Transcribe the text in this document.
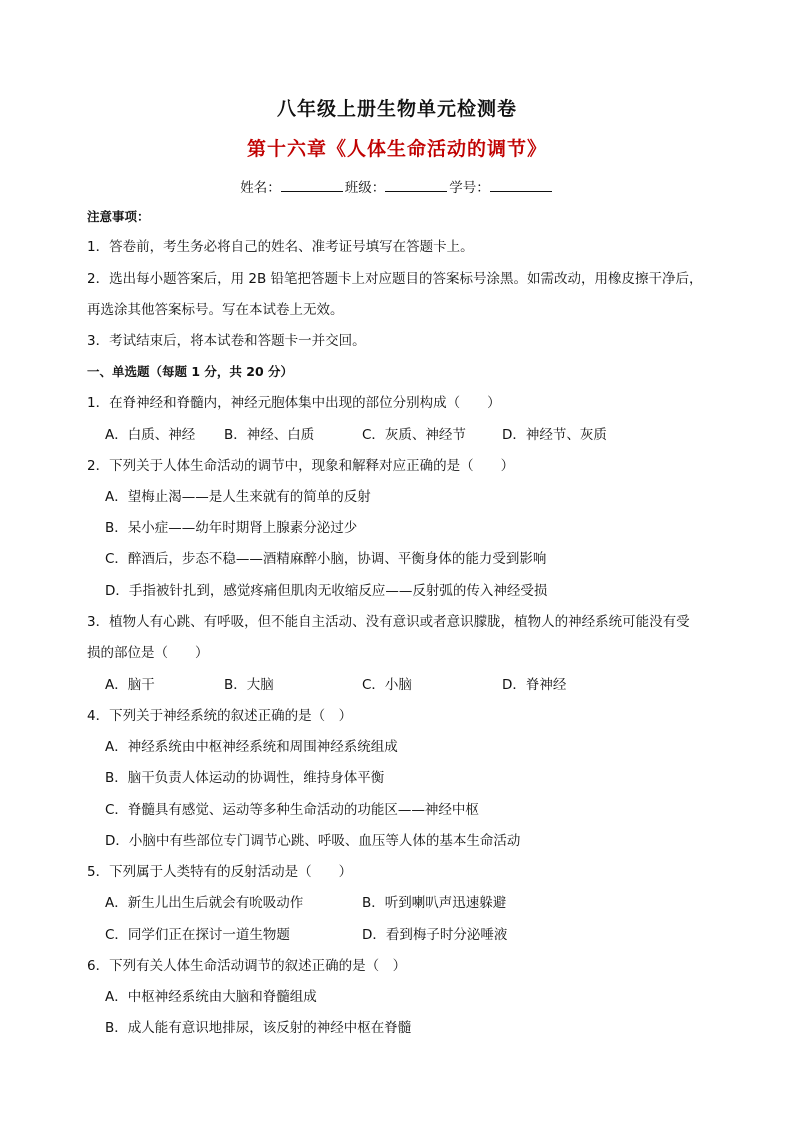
八年级上册生物单元检测卷
第十六章《人体生命活动的调节》
姓名：	班级：	学号：
注意事项：
1．答卷前，考生务必将自己的姓名、准考证号填写在答题卡上。
2．选出每小题答案后，用 2B 铅笔把答题卡上对应题目的答案标号涂黑。如需改动，用橡皮擦干净后，
再选涂其他答案标号。写在本试卷上无效。
3．考试结束后，将本试卷和答题卡一并交回。
一、单选题（每题 1 分，共 20 分）
1．在脊神经和脊髓内，神经元胞体集中出现的部位分别构成（　　）
A．白质、神经 B．神经、白质	C．灰质、神经节	D．神经节、灰质
2．下列关于人体生命活动的调节中，现象和解释对应正确的是（　　）
A．望梅止渴——是人生来就有的简单的反射
B．呆小症——幼年时期肾上腺素分泌过少
C．醉酒后，步态不稳——酒精麻醉小脑，协调、平衡身体的能力受到影响
D．手指被针扎到，感觉疼痛但肌肉无收缩反应——反射弧的传入神经受损
3．植物人有心跳、有呼吸，但不能自主活动、没有意识或者意识朦胧，植物人的神经系统可能没有受
损的部位是（　　）
A．脑干	B．大脑	C．小脑	D．脊神经
4．下列关于神经系统的叙述正确的是（　）
A．神经系统由中枢神经系统和周围神经系统组成
B．脑干负责人体运动的协调性，维持身体平衡
C．脊髓具有感觉、运动等多种生命活动的功能区——神经中枢
D．小脑中有些部位专门调节心跳、呼吸、血压等人体的基本生命活动
5．下列属于人类特有的反射活动是（　　）
A．新生儿出生后就会有吮吸动作	B．听到喇叭声迅速躲避
C．同学们正在探讨一道生物题	D．看到梅子时分泌唾液
6．下列有关人体生命活动调节的叙述正确的是（　）
A．中枢神经系统由大脑和脊髓组成
B．成人能有意识地排尿，该反射的神经中枢在脊髓
